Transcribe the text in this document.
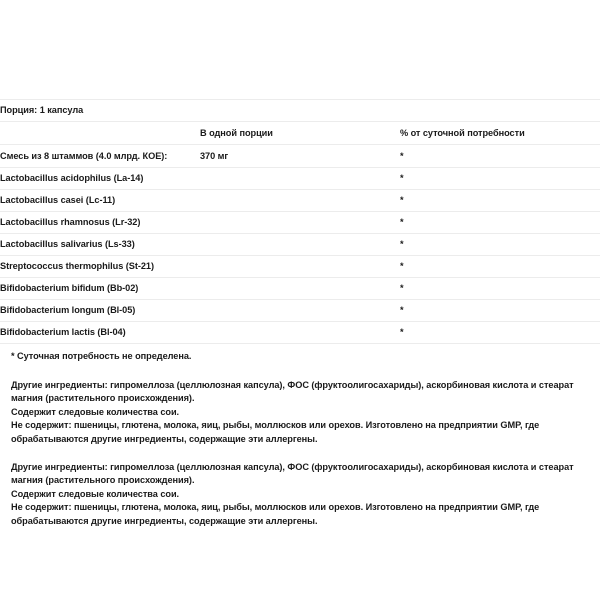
Порция: 1 капсула		
	В одной порции	% от суточной потребности
Смесь из 8 штаммов (4.0 млрд. КОЕ):	370 мг	*
Lactobacillus acidophilus (La-14)		*
Lactobacillus casei (Lc-11)		*
Lactobacillus rhamnosus (Lr-32)		*
Lactobacillus salivarius (Ls-33)		*
Streptococcus thermophilus (St-21)		*
Bifidobacterium bifidum (Bb-02)		*
Bifidobacterium longum (Bl-05)		*
Bifidobacterium lactis (Bl-04)		*

* Суточная потребность не определена.

Другие ингредиенты: гипромеллоза (целлюлозная капсула), ФОС (фруктоолигосахариды), аскорбиновая кислота и стеарат магния (растительного происхождения).

Содержит следовые количества сои.

Не содержит: пшеницы, глютена, молока, яиц, рыбы, моллюсков или орехов. Изготовлено на предприятии GMP, где обрабатываются другие ингредиенты, содержащие эти аллергены.

Другие ингредиенты: гипромеллоза (целлюлозная капсула), ФОС (фруктоолигосахариды), аскорбиновая кислота и стеарат магния (растительного происхождения).

Содержит следовые количества сои.

Не содержит: пшеницы, глютена, молока, яиц, рыбы, моллюсков или орехов. Изготовлено на предприятии GMP, где обрабатываются другие ингредиенты, содержащие эти аллергены.
